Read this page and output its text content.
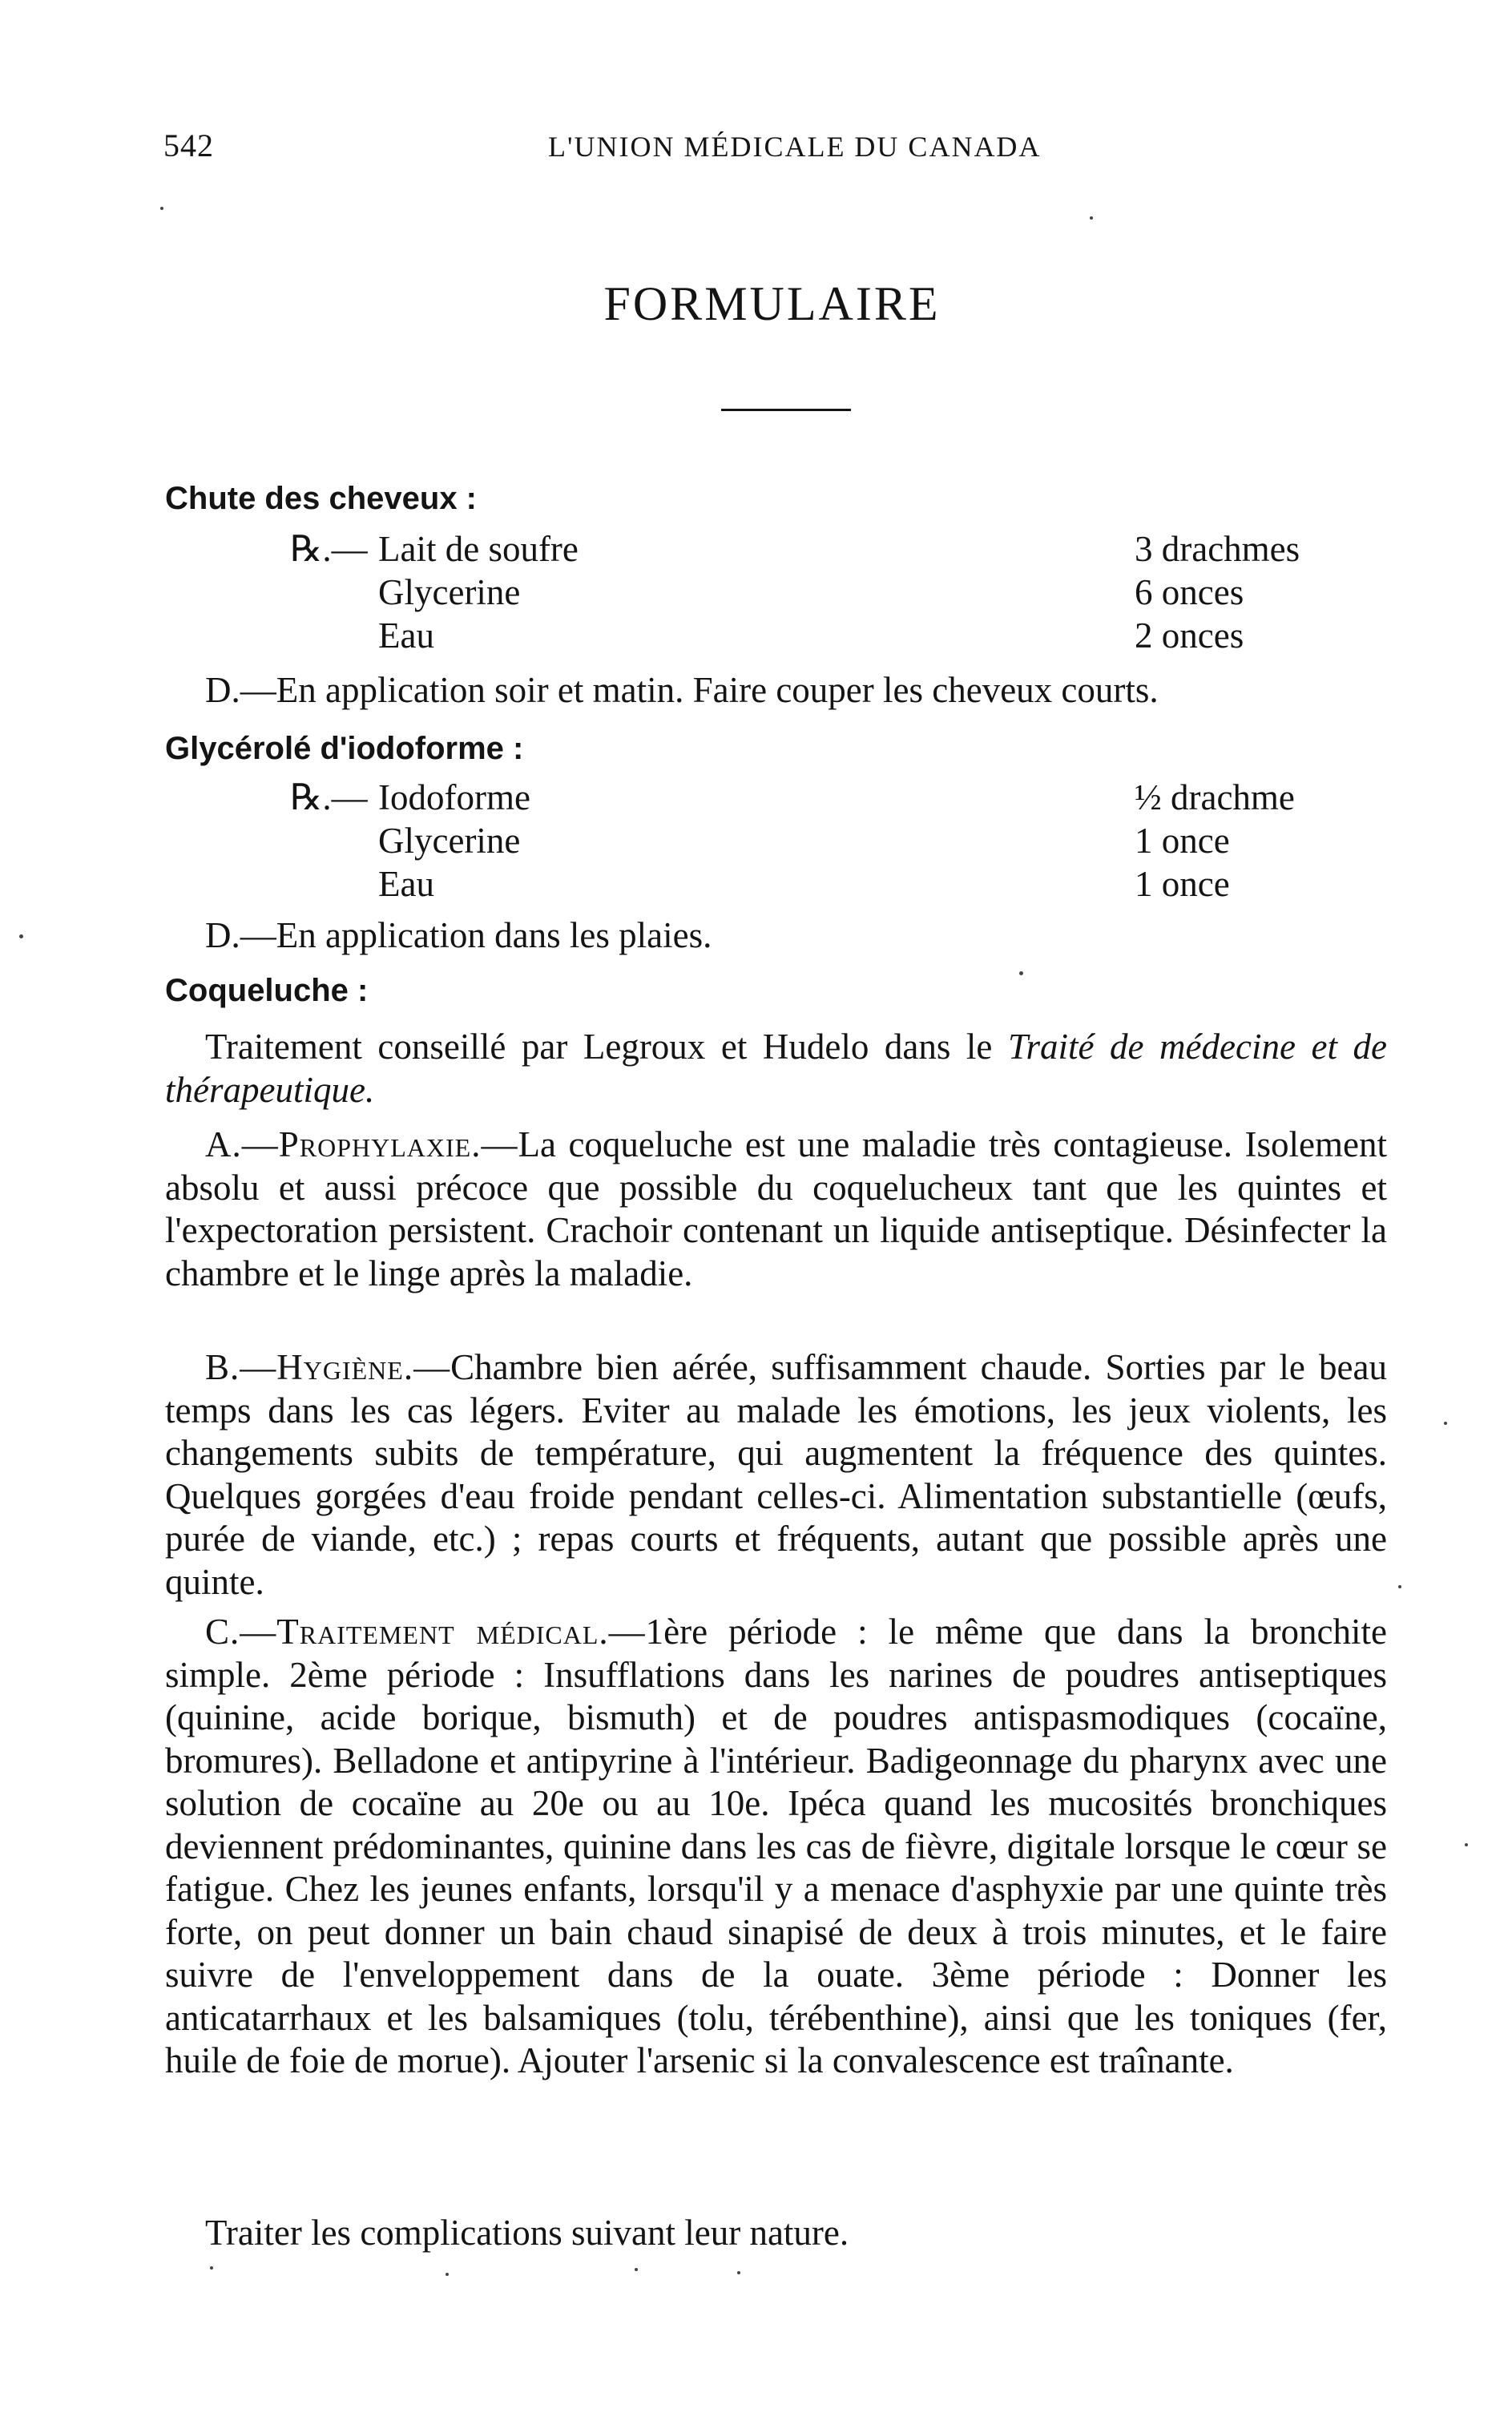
542	L'UNION MÉDICALE DU CANADA
FORMULAIRE
Chute des cheveux :
℞.— Lait de soufre	3 drachmes
Glycerine	6 onces
Eau	2 onces
D.—En application soir et matin. Faire couper les cheveux courts.
Glycérolé d'iodoforme :
℞.— Iodoforme	½ drachme
Glycerine	1 once
Eau	1 once
D.—En application dans les plaies.
Coqueluche :
Traitement conseillé par Legroux et Hudelo dans le Traité de médecine et de thérapeutique.
A.—Prophylaxie.—La coqueluche est une maladie très contagieuse. Isolement absolu et aussi précoce que possible du coquelucheux tant que les quintes et l'expectoration persistent. Crachoir contenant un liquide antiseptique. Désinfecter la chambre et le linge après la maladie.
B.—Hygiène.—Chambre bien aérée, suffisamment chaude. Sorties par le beau temps dans les cas légers. Eviter au malade les émotions, les jeux violents, les changements subits de température, qui augmentent la fréquence des quintes. Quelques gorgées d'eau froide pendant celles-ci. Alimentation substantielle (œufs, purée de viande, etc.) ; repas courts et fréquents, autant que possible après une quinte.
C.—Traitement médical.—1ère période : le même que dans la bronchite simple. 2ème période : Insufflations dans les narines de poudres antiseptiques (quinine, acide borique, bismuth) et de poudres antispasmodiques (cocaïne, bromures). Belladone et antipyrine à l'intérieur. Badigeonnage du pharynx avec une solution de cocaïne au 20e ou au 10e. Ipéca quand les mucosités bronchiques deviennent prédominantes, quinine dans les cas de fièvre, digitale lorsque le cœur se fatigue. Chez les jeunes enfants, lorsqu'il y a menace d'asphyxie par une quinte très forte, on peut donner un bain chaud sinapisé de deux à trois minutes, et le faire suivre de l'enveloppement dans de la ouate. 3ème période : Donner les anticatarrhaux et les balsamiques (tolu, térébenthine), ainsi que les toniques (fer, huile de foie de morue). Ajouter l'arsenic si la convalescence est traînante.
Traiter les complications suivant leur nature.
